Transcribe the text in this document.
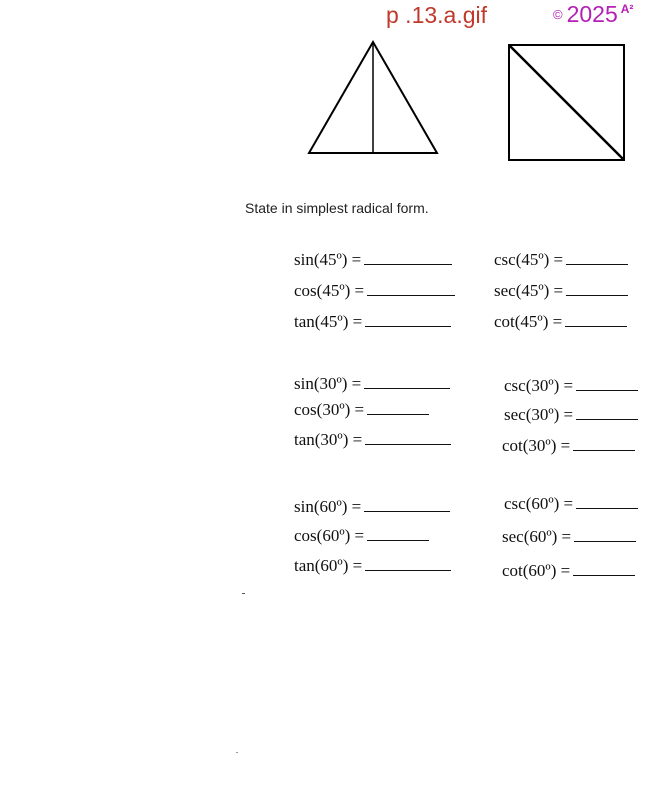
p .13.a.gif	© 2025 $^{A^2}$
State in simplest radical form.
sin(45º) =
cos(45º) =
tan(45º) =
csc(45º) =
sec(45º) =
cot(45º) =
sin(30º) =
cos(30º) =
tan(30º) =
csc(30º) =
sec(30º) =
cot(30º) =
sin(60º) =
cos(60º) =
tan(60º) =
csc(60º) =
sec(60º) =
cot(60º) =
